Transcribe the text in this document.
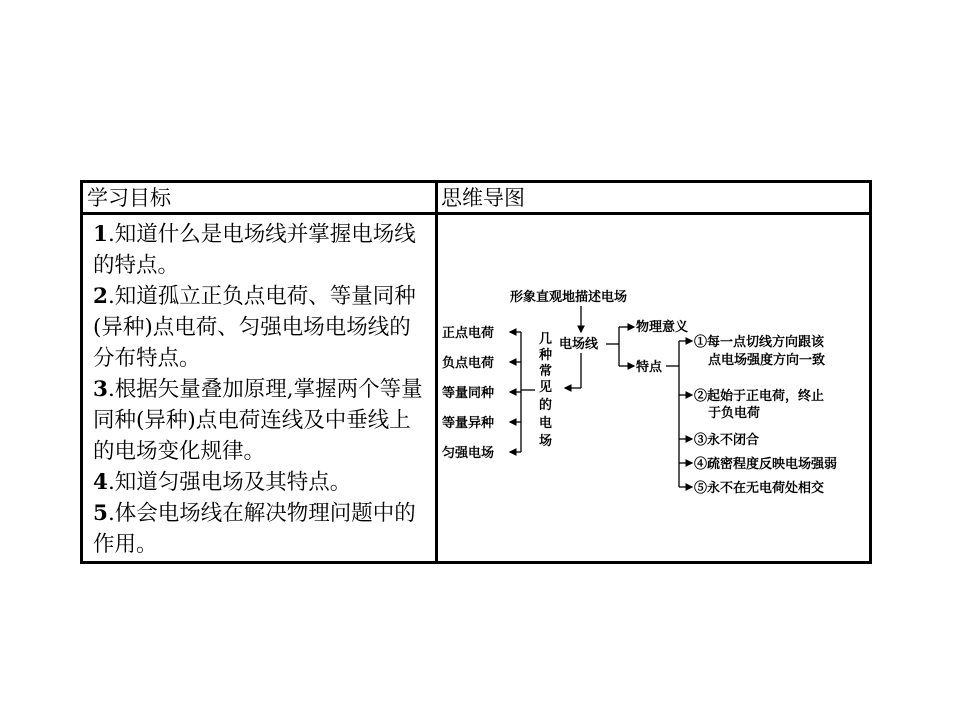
学习目标	思维导图

1.知道什么是电场线并掌握电场线的特点。

2.知道孤立正负点电荷、等量同种(异种)点电荷、匀强电场电场线的分布特点。

3.根据矢量叠加原理,掌握两个等量同种(异种)点电荷连线及中垂线上的电场变化规律。

4.知道匀强电场及其特点。

5.体会电场线在解决物理问题中的作用。

形象直观地描述电场
电场线
物理意义
特点
①每一点切线方向跟该
点电场强度方向一致
②起始于正电荷，终止
于负电荷
③永不闭合
④疏密程度反映电场强弱
⑤永不在无电荷处相交
几
种
常
见
的
电
场
正点电荷
负点电荷
等量同种
等量异种
匀强电场
